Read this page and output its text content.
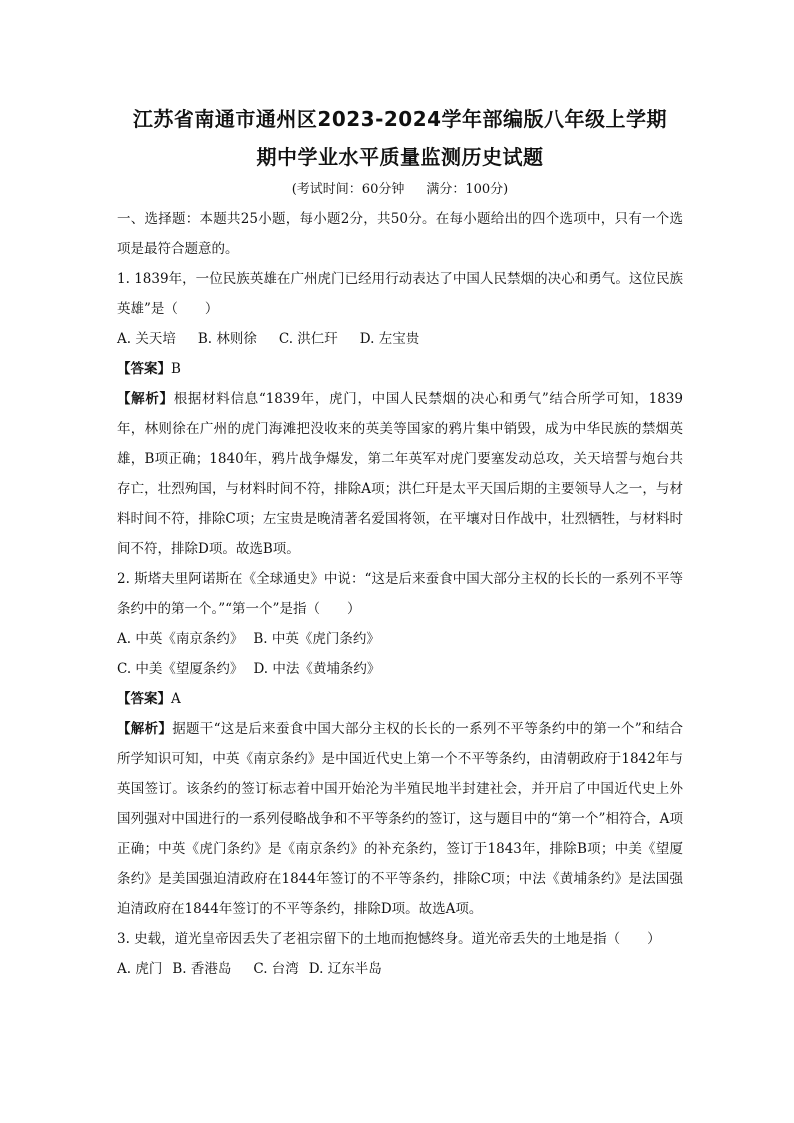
江苏省南通市通州区2023-2024学年部编版八年级上学期
期中学业水平质量监测历史试题
(考试时间：60分钟 满分：100分)

一、选择题：本题共25小题，每小题2分，共50分。在每小题给出的四个选项中，只有一个选项是最符合题意的。

1. 1839年，一位民族英雄在广州虎门已经用行动表达了中国人民禁烟的决心和勇气。这位民族英雄”是（　　）

A. 关天培 B. 林则徐 C. 洪仁玕 D. 左宝贵

【答案】B

【解析】根据材料信息“1839年，虎门，中国人民禁烟的决心和勇气”结合所学可知，1839年，林则徐在广州的虎门海滩把没收来的英美等国家的鸦片集中销毁，成为中华民族的禁烟英雄，B项正确；1840年，鸦片战争爆发，第二年英军对虎门要塞发动总攻，关天培誓与炮台共存亡，壮烈殉国，与材料时间不符，排除A项；洪仁玕是太平天国后期的主要领导人之一，与材料时间不符，排除C项；左宝贵是晚清著名爱国将领，在平壤对日作战中，壮烈牺牲，与材料时间不符，排除D项。故选B项。

2. 斯塔夫里阿诺斯在《全球通史》中说：“这是后来蚕食中国大部分主权的长长的一系列不平等条约中的第一个。”“第一个”是指（　　）

A. 中英《南京条约》 B. 中英《虎门条约》

C. 中美《望厦条约》 D. 中法《黄埔条约》

【答案】A

【解析】据题干“这是后来蚕食中国大部分主权的长长的一系列不平等条约中的第一个”和结合所学知识可知，中英《南京条约》是中国近代史上第一个不平等条约，由清朝政府于1842年与英国签订。该条约的签订标志着中国开始沦为半殖民地半封建社会，并开启了中国近代史上外国列强对中国进行的一系列侵略战争和不平等条约的签订，这与题目中的“第一个”相符合，A项正确；中英《虎门条约》是《南京条约》的补充条约，签订于1843年，排除B项；中美《望厦条约》是美国强迫清政府在1844年签订的不平等条约，排除C项；中法《黄埔条约》是法国强迫清政府在1844年签订的不平等条约，排除D项。故选A项。

3. 史载，道光皇帝因丢失了老祖宗留下的土地而抱憾终身。道光帝丢失的土地是指（　　）

A. 虎门 B. 香港岛 C. 台湾 D. 辽东半岛
